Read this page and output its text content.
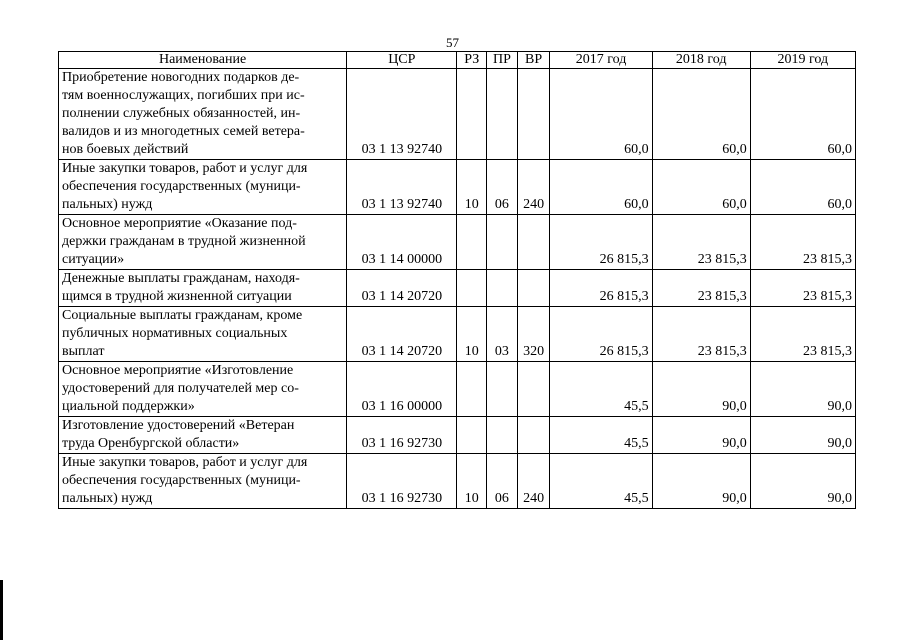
57
Наименование	ЦСР	РЗ	ПР	ВР	2017 год	2018 год	2019 год

Приобретение новогодних подарков де-
тям военнослужащих, погибших при ис-
полнении служебных обязанностей, ин-
валидов и из многодетных семей ветера-
нов боевых действий	03 1 13 92740				60,0	60,0	60,0

Иные закупки товаров, работ и услуг для
обеспечения государственных (муници-
пальных) нужд	03 1 13 92740	10	06	240	60,0	60,0	60,0

Основное мероприятие «Оказание под-
держки гражданам в трудной жизненной
ситуации»	03 1 14 00000				26 815,3	23 815,3	23 815,3

Денежные выплаты гражданам, находя-
щимся в трудной жизненной ситуации	03 1 14 20720				26 815,3	23 815,3	23 815,3

Социальные выплаты гражданам, кроме
публичных нормативных социальных
выплат	03 1 14 20720	10	03	320	26 815,3	23 815,3	23 815,3

Основное мероприятие «Изготовление
удостоверений для получателей мер со-
циальной поддержки»	03 1 16 00000				45,5	90,0	90,0

Изготовление удостоверений «Ветеран
труда Оренбургской области»	03 1 16 92730				45,5	90,0	90,0

Иные закупки товаров, работ и услуг для
обеспечения государственных (муници-
пальных) нужд	03 1 16 92730	10	06	240	45,5	90,0	90,0
